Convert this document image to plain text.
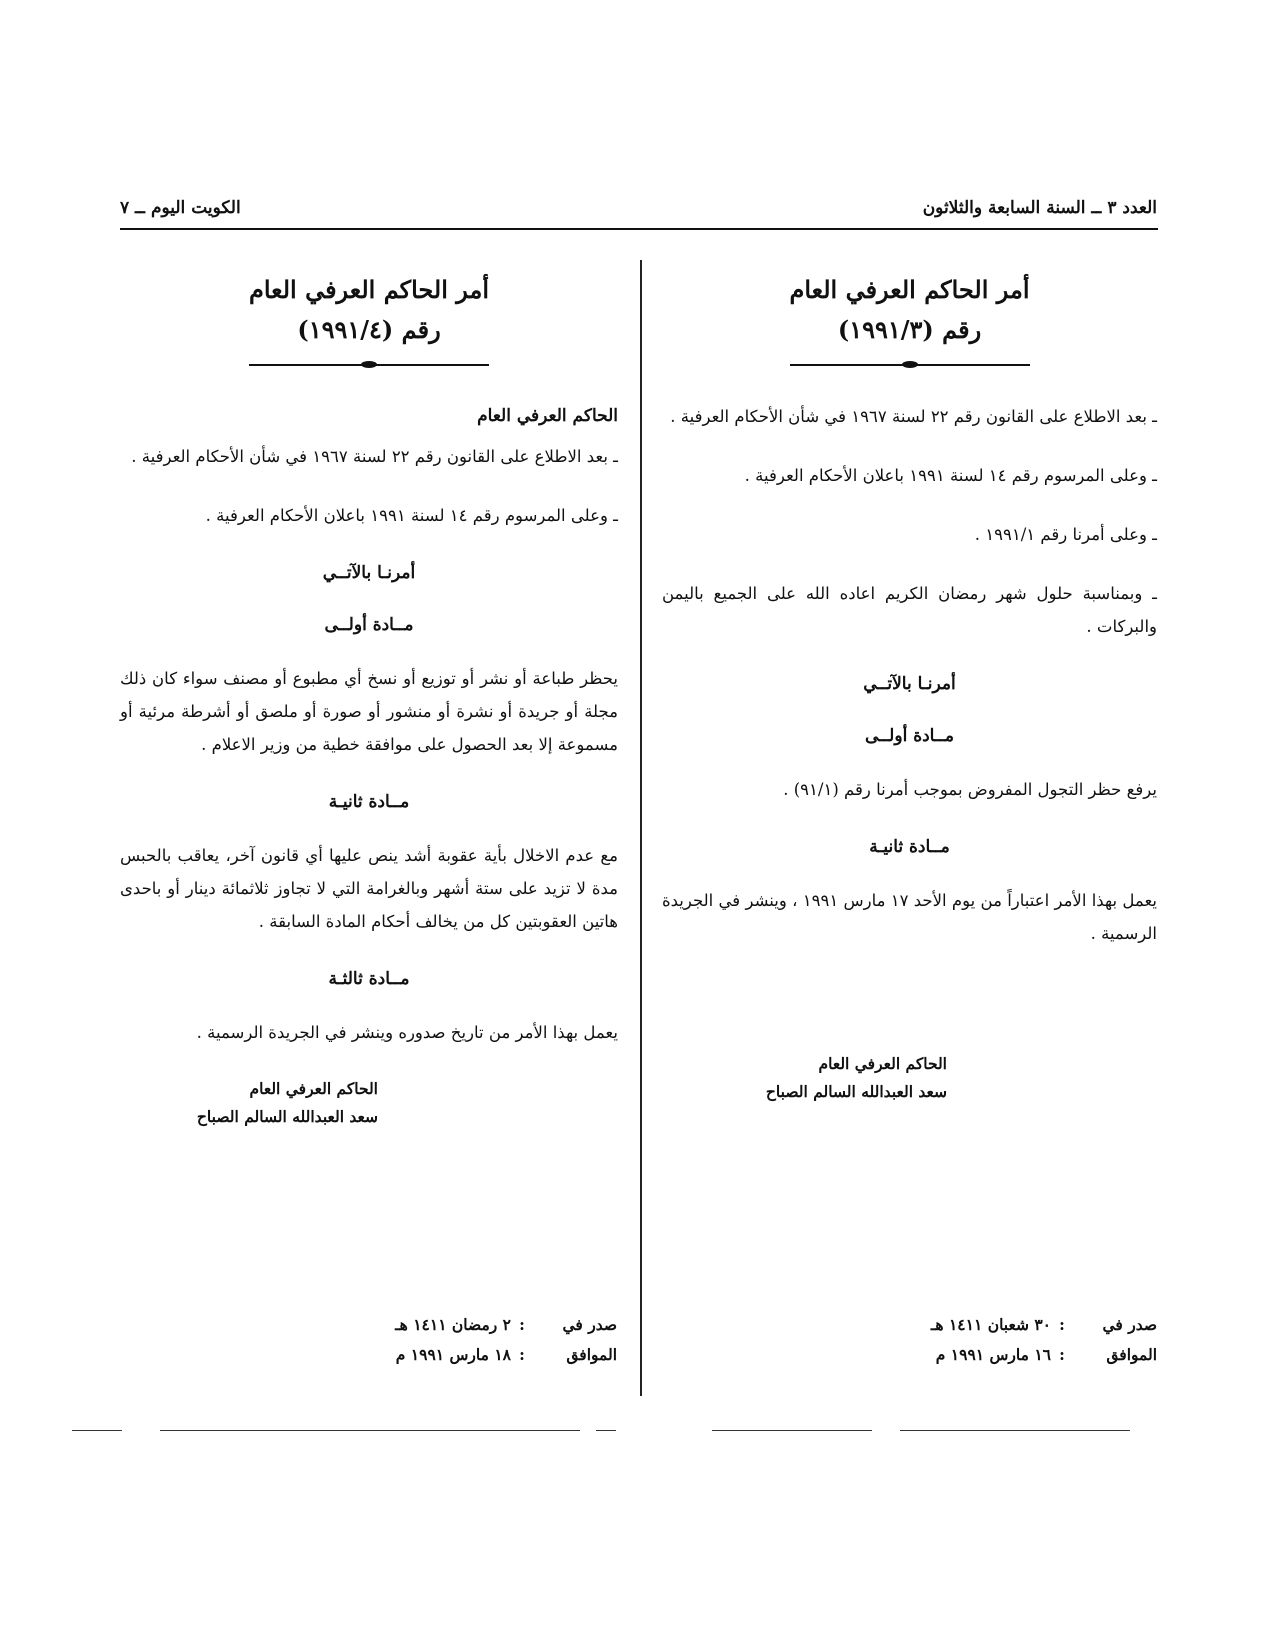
العدد ٣ ــ السنة السابعة والثلاثون
الكويت اليوم ــ ٧
أمر الحاكم العرفي العام
رقم (١٩٩١/٣)

ـ بعد الاطلاع على القانون رقم ٢٢ لسنة ١٩٦٧ في شأن الأحكام العرفية .

ـ وعلى المرسوم رقم ١٤ لسنة ١٩٩١ باعلان الأحكام العرفية .

ـ وعلى أمرنا رقم ١٩٩١/١ .

ـ وبمناسبة حلول شهر رمضان الكريم اعاده الله على الجميع باليمن والبركات .

أمرنـا بالآتــي
مــادة أولــى

يرفع حظر التجول المفروض بموجب أمرنا رقم (٩١/١) .

مــادة ثانيـة

يعمل بهذا الأمر اعتباراً من يوم الأحد ١٧ مارس ١٩٩١ ، وينشر في الجريدة الرسمية .

الحاكم العرفي العام
سعد العبدالله السالم الصباح
صدر في:٣٠ شعبان ١٤١١ هـ
الموافق:١٦ مارس ١٩٩١ م
أمر الحاكم العرفي العام
رقم (١٩٩١/٤)
الحاكم العرفي العام

ـ بعد الاطلاع على القانون رقم ٢٢ لسنة ١٩٦٧ في شأن الأحكام العرفية .

ـ وعلى المرسوم رقم ١٤ لسنة ١٩٩١ باعلان الأحكام العرفية .

أمرنـا بالآتــي
مــادة أولــى

يحظر طباعة أو نشر أو توزيع أو نسخ أي مطبوع أو مصنف سواء كان ذلك مجلة أو جريدة أو نشرة أو منشور أو صورة أو ملصق أو أشرطة مرئية أو مسموعة إلا بعد الحصول على موافقة خطية من وزير الاعلام .

مــادة ثانيـة

مع عدم الاخلال بأية عقوبة أشد ينص عليها أي قانون آخر، يعاقب بالحبس مدة لا تزيد على ستة أشهر وبالغرامة التي لا تجاوز ثلاثمائة دينار أو باحدى هاتين العقوبتين كل من يخالف أحكام المادة السابقة .

مــادة ثالثـة

يعمل بهذا الأمر من تاريخ صدوره وينشر في الجريدة الرسمية .

الحاكم العرفي العام
سعد العبدالله السالم الصباح
صدر في:٢ رمضان ١٤١١ هـ
الموافق:١٨ مارس ١٩٩١ م
